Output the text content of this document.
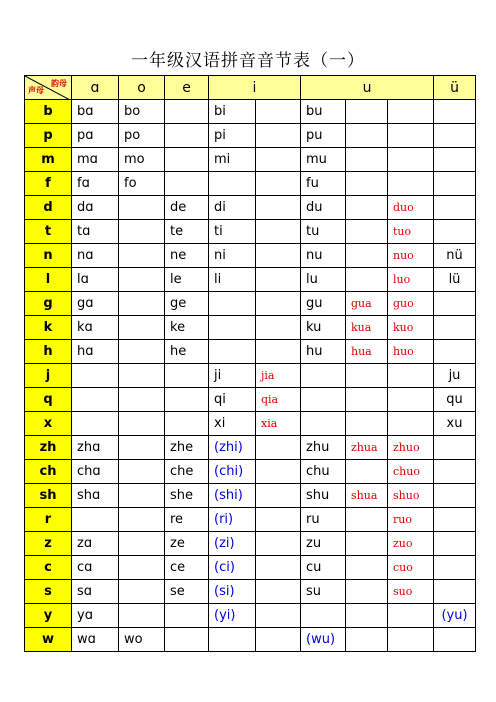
一年级汉语拼音音节表（一）
韵母
声母	ɑ	o	e	i		u			ü
b	bɑ	bo		bi		bu			
p	pɑ	po		pi		pu			
m	mɑ	mo		mi		mu			
f	fɑ	fo				fu			
d	dɑ		de	di		du		duo	
t	tɑ		te	ti		tu		tuo	
n	nɑ		ne	ni		nu		nuo	nü
l	lɑ		le	li		lu		luo	lü
g	gɑ		ge			gu	gua	guo	
k	kɑ		ke			ku	kua	kuo	
h	hɑ		he			hu	hua	huo	
j				ji	jia				ju
q				qi	qia				qu
x				xi	xia				xu
zh	zhɑ		zhe	(zhi)		zhu	zhua	zhuo	
ch	chɑ		che	(chi)		chu		chuo	
sh	shɑ		she	(shi)		shu	shua	shuo	
r			re	(ri)		ru		ruo	
z	zɑ		ze	(zi)		zu		zuo	
c	cɑ		ce	(ci)		cu		cuo	
s	sɑ		se	(si)		su		suo	
y	yɑ			(yi)					(yu)
w	wɑ	wo				(wu)			
